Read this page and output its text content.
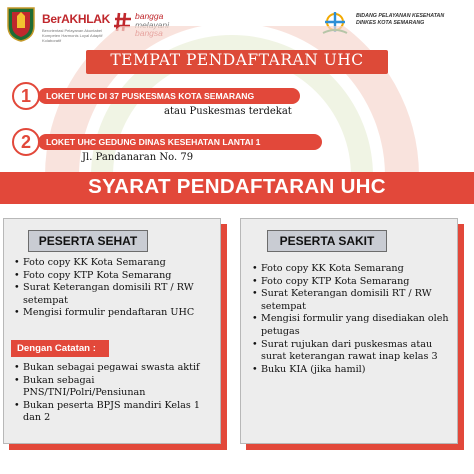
BerAKHLAK
Berorientasi Pelayanan Akuntabel Kompeten Harmonis Loyal Adaptif Kolaboratif
bangga
melayani
bangsa
BIDANG PELAYANAN KESEHATAN
DINKES KOTA SEMARANG
TEMPAT PENDAFTARAN UHC
LOKET UHC DI 37 PUSKESMAS KOTA SEMARANG
1
atau Puskesmas terdekat
LOKET UHC GEDUNG DINAS KESEHATAN LANTAI 1
2
Jl. Pandanaran No. 79
SYARAT PENDAFTARAN UHC
PESERTA SEHAT
• Foto copy KK Kota Semarang
• Foto copy KTP Kota Semarang
• Surat Keterangan domisili RT / RW setempat
• Mengisi formulir pendaftaran UHC
Dengan Catatan :
• Bukan sebagai pegawai swasta aktif
• Bukan sebagai PNS/TNI/Polri/Pensiunan
• Bukan peserta BPJS mandiri Kelas 1 dan 2
PESERTA SAKIT
• Foto copy KK Kota Semarang
• Foto copy KTP Kota Semarang
• Surat Keterangan domisili RT / RW setempat
• Mengisi formulir yang disediakan oleh petugas
• Surat rujukan dari puskesmas atau surat keterangan rawat inap kelas 3
• Buku KIA (jika hamil)
